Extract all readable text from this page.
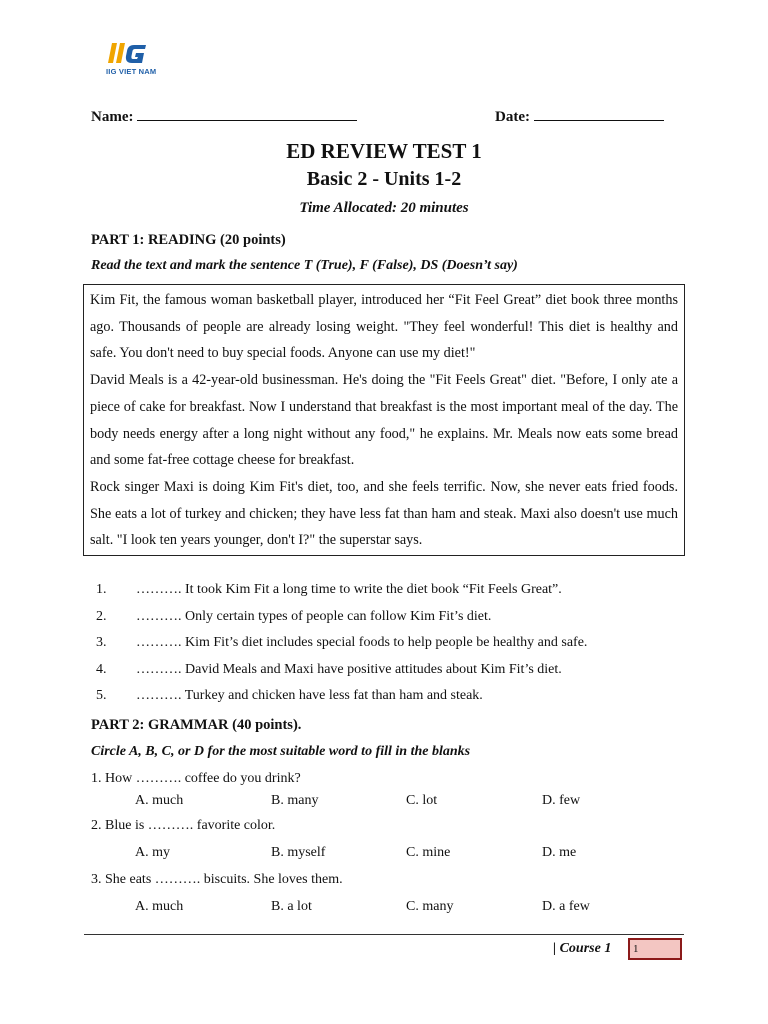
IIG VIET NAM
Name:	Date:
ED REVIEW TEST 1
Basic 2 - Units 1-2
Time Allocated: 20 minutes
PART 1: READING (20 points)
Read the text and mark the sentence T (True), F (False), DS (Doesn’t say)

Kim Fit, the famous woman basketball player, introduced her “Fit Feel Great” diet book three months ago. Thousands of people are already losing weight. "They feel wonderful! This diet is healthy and safe. You don't need to buy special foods. Anyone can use my diet!"

David Meals is a 42-year-old businessman. He's doing the "Fit Feels Great" diet. "Before, I only ate a piece of cake for breakfast. Now I understand that breakfast is the most important meal of the day. The body needs energy after a long night without any food," he explains. Mr. Meals now eats some bread and some fat-free cottage cheese for breakfast.

Rock singer Maxi is doing Kim Fit's diet, too, and she feels terrific. Now, she never eats fried foods. She eats a lot of turkey and chicken; they have less fat than ham and steak. Maxi also doesn't use much salt. "I look ten years younger, don't I?" the superstar says.

1. ………. It took Kim Fit a long time to write the diet book “Fit Feels Great”.
2. ………. Only certain types of people can follow Kim Fit’s diet.
3. ………. Kim Fit’s diet includes special foods to help people be healthy and safe.
4. ………. David Meals and Maxi have positive attitudes about Kim Fit’s diet.
5. ………. Turkey and chicken have less fat than ham and steak.
PART 2: GRAMMAR (40 points).
Circle A, B, C, or D for the most suitable word to fill in the blanks
1. How ………. coffee do you drink?
A. much	B. many	C. lot	D. few
2. Blue is ………. favorite color.
A. my	B. myself	C. mine	D. me
3. She eats ………. biscuits. She loves them.
A. much	B. a lot	C. many	D. a few
| Course 1	1
